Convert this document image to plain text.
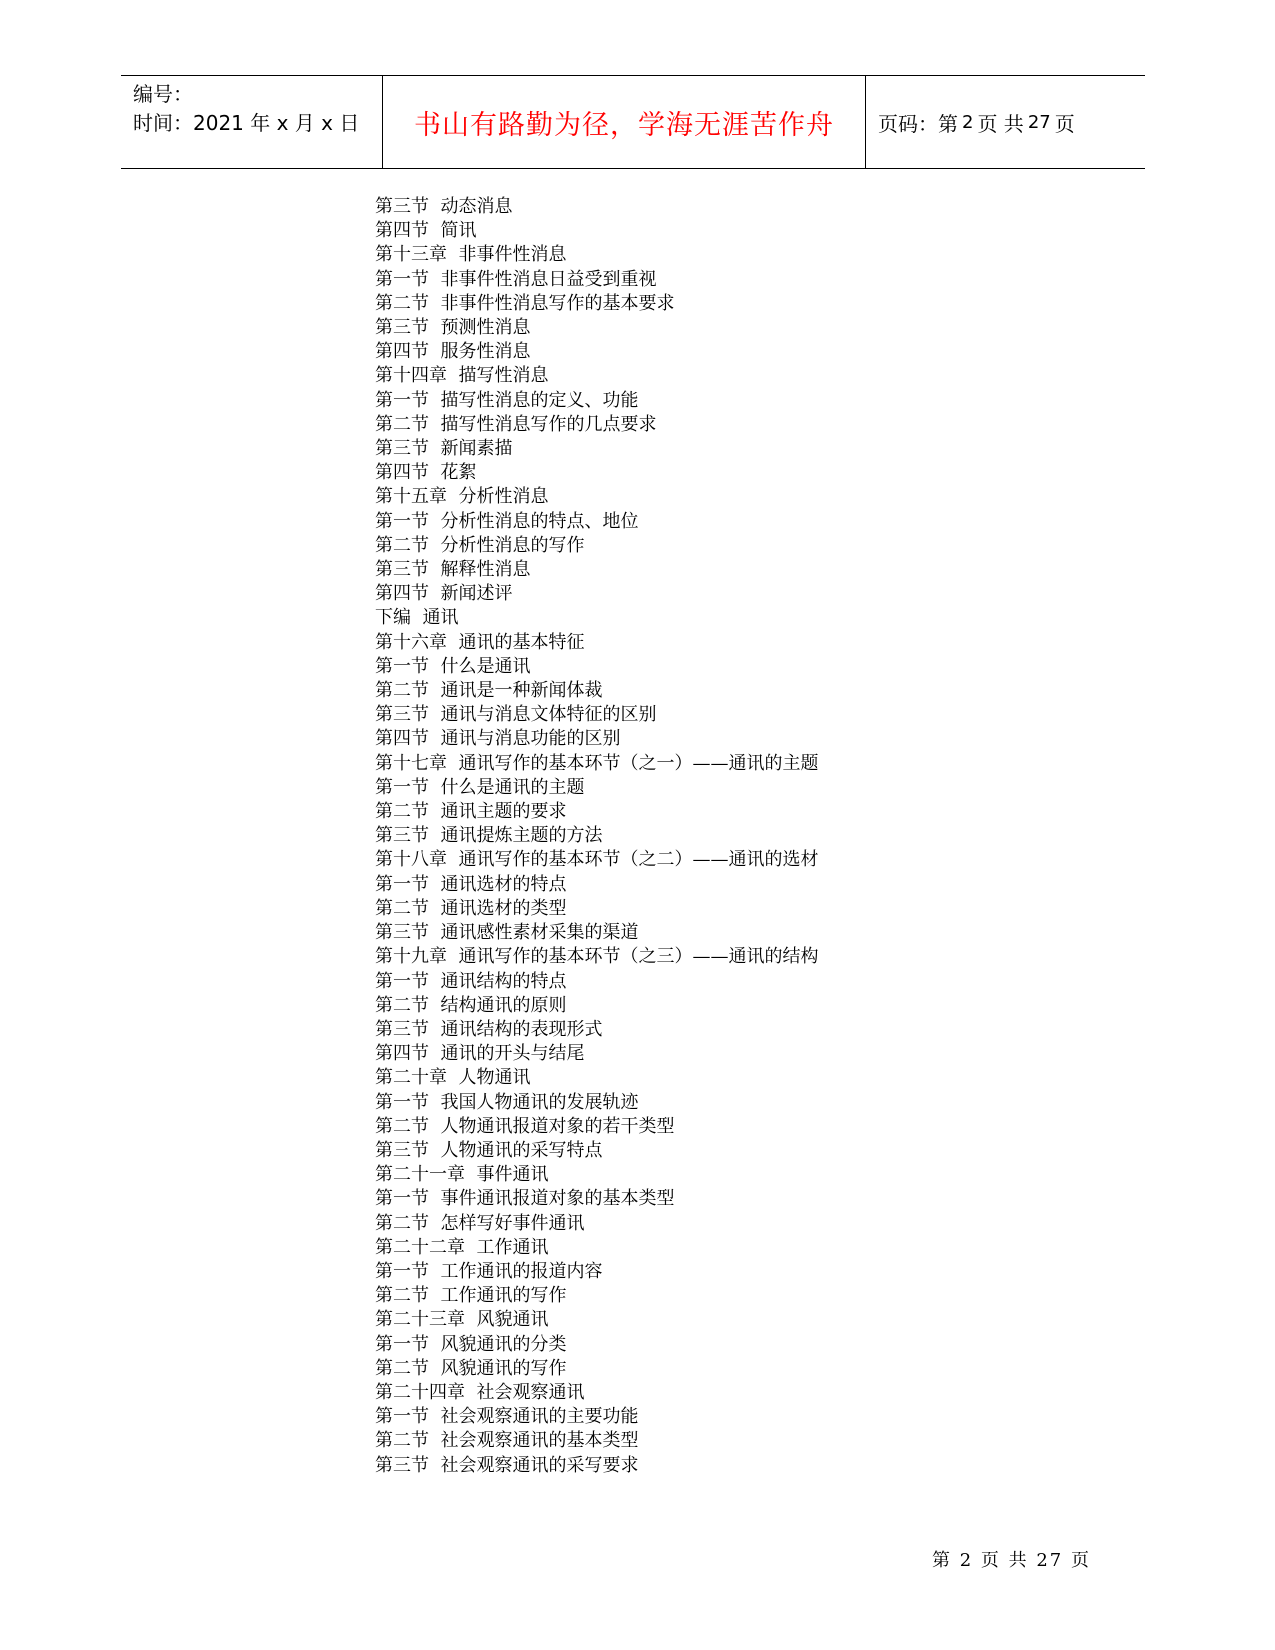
编号：
时间：2021 年 x 月 x 日	书山有路勤为径，学海无涯苦作舟	页码：第 2 页 共 27 页
第三节  动态消息
第四节  简讯
第十三章  非事件性消息
第一节  非事件性消息日益受到重视
第二节  非事件性消息写作的基本要求
第三节  预测性消息
第四节  服务性消息
第十四章  描写性消息
第一节  描写性消息的定义、功能
第二节  描写性消息写作的几点要求
第三节  新闻素描
第四节  花絮
第十五章  分析性消息
第一节  分析性消息的特点、地位
第二节  分析性消息的写作
第三节  解释性消息
第四节  新闻述评
下编  通讯
第十六章  通讯的基本特征
第一节  什么是通讯
第二节  通讯是一种新闻体裁
第三节  通讯与消息文体特征的区别
第四节  通讯与消息功能的区别
第十七章  通讯写作的基本环节（之一）——通讯的主题
第一节  什么是通讯的主题
第二节  通讯主题的要求
第三节  通讯提炼主题的方法
第十八章  通讯写作的基本环节（之二）——通讯的选材
第一节  通讯选材的特点
第二节  通讯选材的类型
第三节  通讯感性素材采集的渠道
第十九章  通讯写作的基本环节（之三）——通讯的结构
第一节  通讯结构的特点
第二节  结构通讯的原则
第三节  通讯结构的表现形式
第四节  通讯的开头与结尾
第二十章  人物通讯
第一节  我国人物通讯的发展轨迹
第二节  人物通讯报道对象的若干类型
第三节  人物通讯的采写特点
第二十一章  事件通讯
第一节  事件通讯报道对象的基本类型
第二节  怎样写好事件通讯
第二十二章  工作通讯
第一节  工作通讯的报道内容
第二节  工作通讯的写作
第二十三章  风貌通讯
第一节  风貌通讯的分类
第二节  风貌通讯的写作
第二十四章  社会观察通讯
第一节  社会观察通讯的主要功能
第二节  社会观察通讯的基本类型
第三节  社会观察通讯的采写要求
第 2 页 共 27 页
